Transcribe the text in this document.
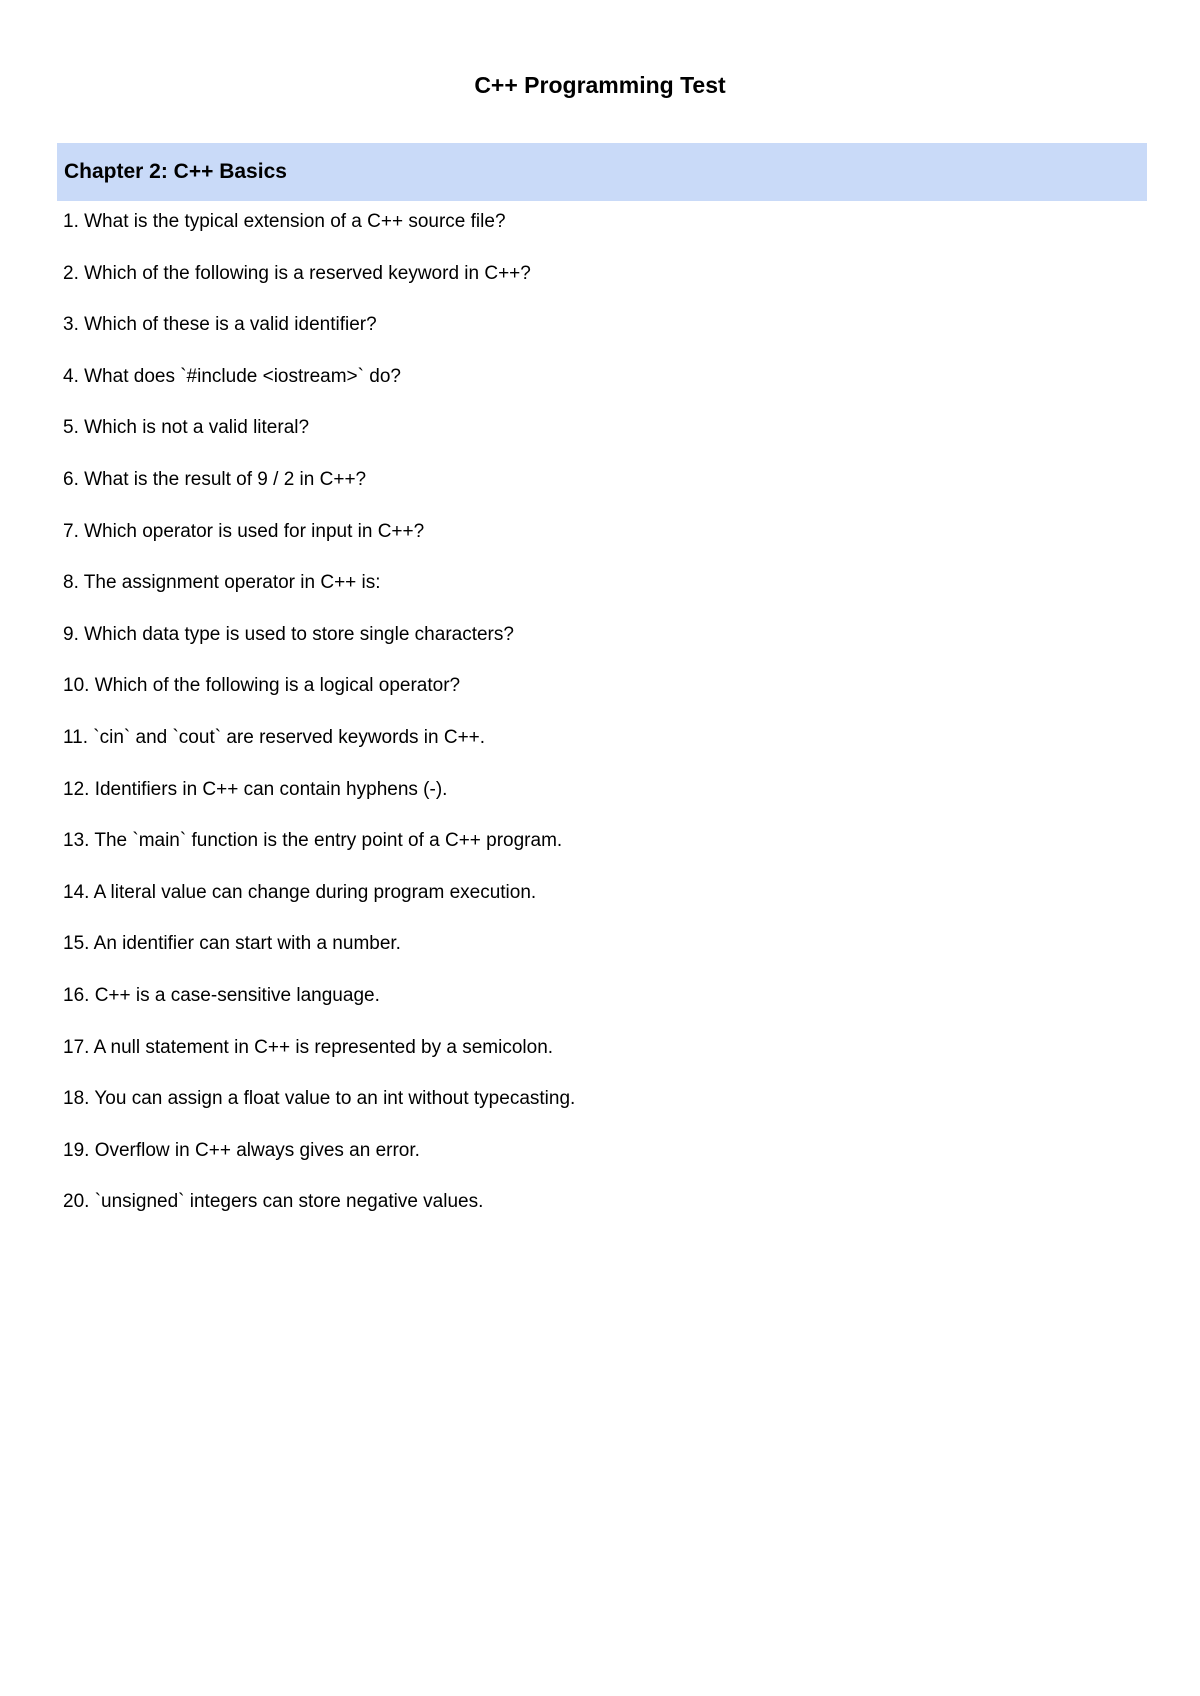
C++ Programming Test
Chapter 2: C++ Basics
1. What is the typical extension of a C++ source file?
2. Which of the following is a reserved keyword in C++?
3. Which of these is a valid identifier?
4. What does `#include <iostream>` do?
5. Which is not a valid literal?
6. What is the result of 9 / 2 in C++?
7. Which operator is used for input in C++?
8. The assignment operator in C++ is:
9. Which data type is used to store single characters?
10. Which of the following is a logical operator?
11. `cin` and `cout` are reserved keywords in C++.
12. Identifiers in C++ can contain hyphens (-).
13. The `main` function is the entry point of a C++ program.
14. A literal value can change during program execution.
15. An identifier can start with a number.
16. C++ is a case-sensitive language.
17. A null statement in C++ is represented by a semicolon.
18. You can assign a float value to an int without typecasting.
19. Overflow in C++ always gives an error.
20. `unsigned` integers can store negative values.
